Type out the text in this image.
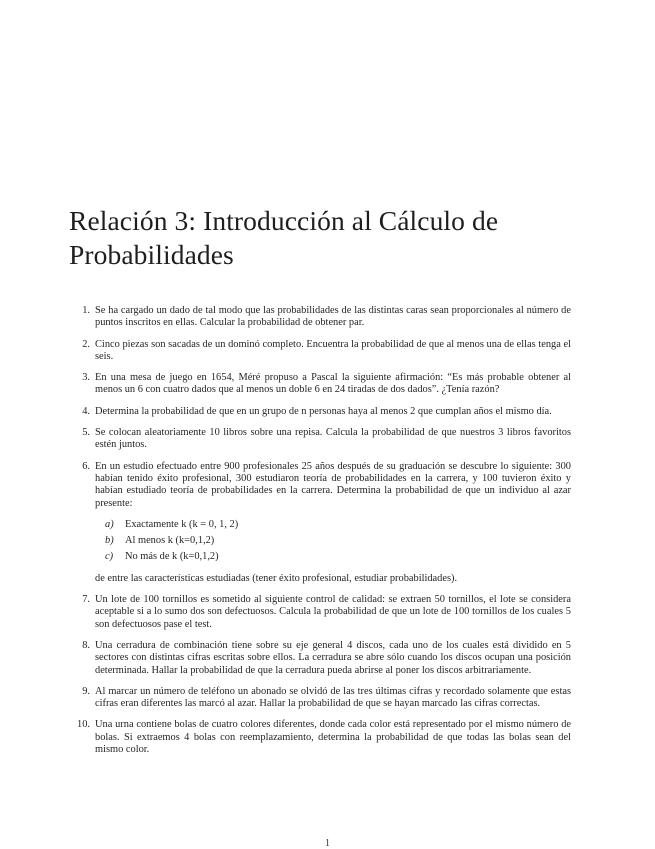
Relación 3: Introducción al Cálculo de
Probabilidades
1. Se ha cargado un dado de tal modo que las probabilidades de las distintas caras sean proporcionales al número de puntos inscritos en ellas. Calcular la probabilidad de obtener par.
2. Cinco piezas son sacadas de un dominó completo. Encuentra la probabilidad de que al menos una de ellas tenga el seis.
3. En una mesa de juego en 1654, Méré propuso a Pascal la siguiente afirmación: “Es más probable obtener al menos un 6 con cuatro dados que al menos un doble 6 en 24 tiradas de dos dados”. ¿Tenía razón?
4. Determina la probabilidad de que en un grupo de n personas haya al menos 2 que cumplan años el mismo día.
5. Se colocan aleatoriamente 10 libros sobre una repisa. Calcula la probabilidad de que nuestros 3 libros favoritos estén juntos.
6. En un estudio efectuado entre 900 profesionales 25 años después de su graduación se descubre lo siguiente: 300 habían tenido éxito profesional, 300 estudiaron teoría de probabilidades en la carrera, y 100 tuvieron éxito y habían estudiado teoría de probabilidades en la carrera. Determina la probabilidad de que un individuo al azar presente:
a) Exactamente k (k = 0, 1, 2)
b) Al menos k (k=0,1,2)
c) No más de k (k=0,1,2)
de entre las características estudiadas (tener éxito profesional, estudiar probabilidades).
7. Un lote de 100 tornillos es sometido al siguiente control de calidad: se extraen 50 tornillos, el lote se considera aceptable si a lo sumo dos son defectuosos. Calcula la probabilidad de que un lote de 100 tornillos de los cuales 5 son defectuosos pase el test.
8. Una cerradura de combinación tiene sobre su eje general 4 discos, cada uno de los cuales está dividido en 5 sectores con distintas cifras escritas sobre ellos. La cerradura se abre sólo cuando los discos ocupan una posición determinada. Hallar la probabilidad de que la cerradura pueda abrirse al poner los discos arbitrariamente.
9. Al marcar un número de teléfono un abonado se olvidó de las tres últimas cifras y recordado solamente que estas cifras eran diferentes las marcó al azar. Hallar la probabilidad de que se hayan marcado las cifras correctas.
10. Una urna contiene bolas de cuatro colores diferentes, donde cada color está representado por el mismo número de bolas. Si extraemos 4 bolas con reemplazamiento, determina la probabilidad de que todas las bolas sean del mismo color.
1
